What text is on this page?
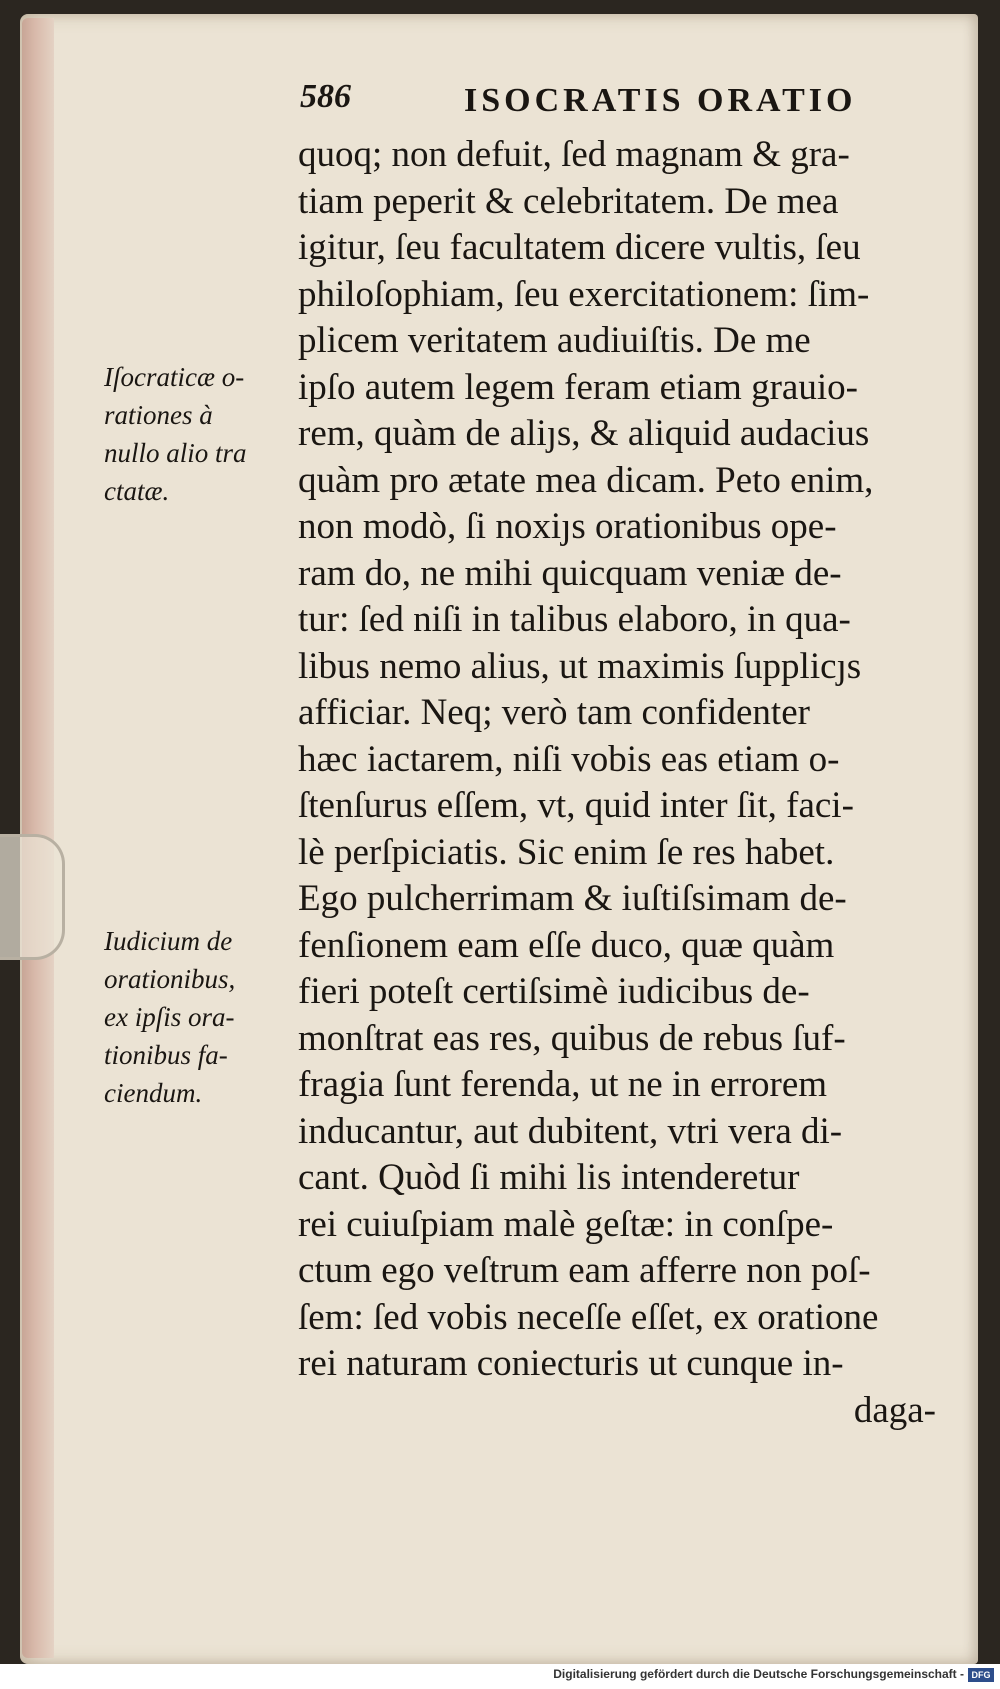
586	ISOCRATIS ORATIO
Iſocraticæ o-
rationes à
nullo alio tra
ctatæ.
Iudicium de
orationibus,
ex ipſis ora-
tionibus fa-
ciendum.
quoq; non defuit, ſed magnam & gra-
tiam peperit & celebritatem. De mea
igitur, ſeu facultatem dicere vultis, ſeu
philoſophiam, ſeu exercitationem: ſim-
plicem veritatem audiuiſtis. De me
ipſo autem legem feram etiam grauio-
rem, quàm de aliȷs, & aliquid audacius
quàm pro ætate mea dicam. Peto enim,
non modò, ſi noxiȷs orationibus ope-
ram do, ne mihi quicquam veniæ de-
tur: ſed niſi in talibus elaboro, in qua-
libus nemo alius, ut maximis ſupplicȷs
afficiar. Neq; verò tam confidenter
hæc iactarem, niſi vobis eas etiam o-
ſtenſurus eſſem, vt, quid inter ſit, faci-
lè perſpiciatis. Sic enim ſe res habet.
Ego pulcherrimam & iuſtiſsimam de-
fenſionem eam eſſe duco, quæ quàm
fieri poteſt certiſsimè iudicibus de-
monſtrat eas res, quibus de rebus ſuf-
fragia ſunt ferenda, ut ne in errorem
inducantur, aut dubitent, vtri vera di-
cant. Quòd ſi mihi lis intenderetur
rei cuiuſpiam malè geſtæ: in conſpe-
ctum ego veſtrum eam afferre non poſ-
ſem: ſed vobis neceſſe eſſet, ex oratione
rei naturam coniecturis ut cunque in-
daga-
Digitalisierung gefördert durch die Deutsche Forschungsgemeinschaft - DFG
